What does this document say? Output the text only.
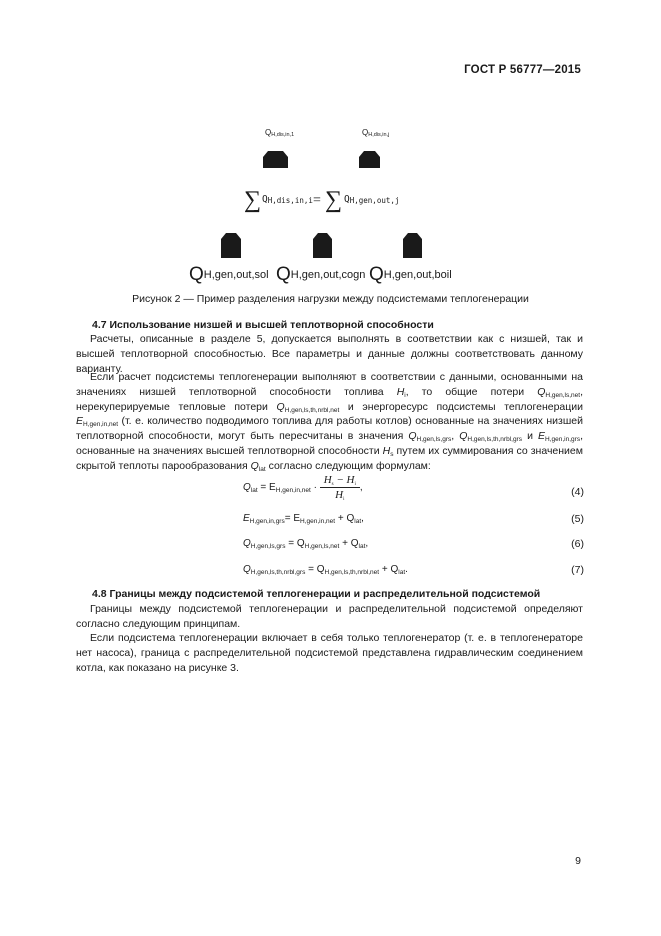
ГОСТ Р 56777—2015
QH,dis,in,1	QH,dis,in,j
∑ QH,dis,in,i = ∑ QH,gen,out,j
QH,gen,out,sol QH,gen,out,cogn QH,gen,out,boil
Рисунок 2 — Пример разделения нагрузки между подсистемами теплогенерации
4.7 Использование низшей и высшей теплотворной способности
Расчеты, описанные в разделе 5, допускается выполнять в соответствии как с низшей, так и высшей теплотворной способностью. Все параметры и данные должны соответствовать данному варианту.
Если расчет подсистемы теплогенерации выполняют в соответствии с данными, основанными на значениях низшей теплотворной способности топлива $H_i$, то общие потери $Q_{H,gen,ls,net}$, нерекуперируемые тепловые потери $Q_{H,gen,ls,th,nrbl,net}$ и энергоресурс подсистемы теплогенерации $E_{H,gen,in,net}$ (т. е. количество подводимого топлива для работы котлов) основанные на значениях низшей теплотворной способности, могут быть пересчитаны в значения $Q_{H,gen,ls,grs}$, $Q_{H,gen,ls,th,nrbl,grs}$ и $E_{H,gen,in,grs}$, основанные на значениях высшей теплотворной способности $H_s$ путем их суммирования со значением скрытой теплоты парообразования $Q_{lat}$ согласно следующим формулам:
$Q_{lat} = E_{H,gen,in,net} \cdot \frac{H_s - H_i}{H_i}$ ,	(4)
$E_{H,gen,in,grs}= E_{H,gen,in,net} + Q_{lat}$,	(5)
$Q_{H,gen,ls,grs} = Q_{H,gen,ls,net} + Q_{lat}$,	(6)
$Q_{H,gen,ls,th,nrbl,grs} = Q_{H,gen,ls,th,nrbl,net} + Q_{lat}$.	(7)
4.8 Границы между подсистемой теплогенерации и распределительной подсистемой
Границы между подсистемой теплогенерации и распределительной подсистемой определяют согласно следующим принципам.
Если подсистема теплогенерации включает в себя только теплогенератор (т. е. в теплогенераторе нет насоса), граница с распределительной подсистемой представлена гидравлическим соединением котла, как показано на рисунке 3.
9
